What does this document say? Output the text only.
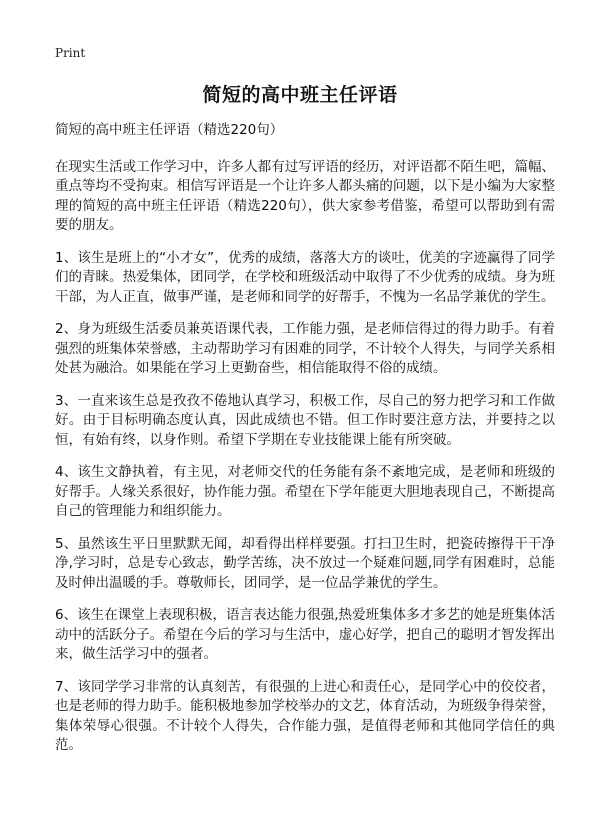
Print
简短的高中班主任评语

简短的高中班主任评语（精选220句）

在现实生活或工作学习中，许多人都有过写评语的经历，对评语都不陌生吧，篇幅、重点等均不受拘束。相信写评语是一个让许多人都头痛的问题，以下是小编为大家整理的简短的高中班主任评语（精选220句），供大家参考借鉴，希望可以帮助到有需要的朋友。

1、该生是班上的“小才女”，优秀的成绩，落落大方的谈吐，优美的字迹赢得了同学们的青睐。热爱集体，团同学，在学校和班级活动中取得了不少优秀的成绩。身为班干部，为人正直，做事严谨，是老师和同学的好帮手，不愧为一名品学兼优的学生。

2、身为班级生活委员兼英语课代表，工作能力强，是老师信得过的得力助手。有着强烈的班集体荣誉感，主动帮助学习有困难的同学，不计较个人得失，与同学关系相处甚为融洽。如果能在学习上更勤奋些，相信能取得不俗的成绩。

3、一直来该生总是孜孜不倦地认真学习，积极工作，尽自己的努力把学习和工作做好。由于目标明确态度认真，因此成绩也不错。但工作时要注意方法，并要持之以恒，有始有终，以身作则。希望下学期在专业技能课上能有所突破。

4、该生文静执着，有主见，对老师交代的任务能有条不紊地完成，是老师和班级的好帮手。人缘关系很好，协作能力强。希望在下学年能更大胆地表现自己，不断提高自己的管理能力和组织能力。

5、虽然该生平日里默默无闻，却看得出样样要强。打扫卫生时，把瓷砖擦得干干净净,学习时，总是专心致志，勤学苦练，决不放过一个疑难问题,同学有困难时，总能及时伸出温暖的手。尊敬师长，团同学，是一位品学兼优的学生。

6、该生在课堂上表现积极，语言表达能力很强,热爱班集体多才多艺的她是班集体活动中的活跃分子。希望在今后的学习与生活中，虚心好学，把自己的聪明才智发挥出来，做生活学习中的强者。

7、该同学学习非常的认真刻苦，有很强的上进心和责任心，是同学心中的佼佼者，也是老师的得力助手。能积极地参加学校举办的文艺，体育活动，为班级争得荣誉，集体荣辱心很强。不计较个人得失，合作能力强，是值得老师和其他同学信任的典范。
